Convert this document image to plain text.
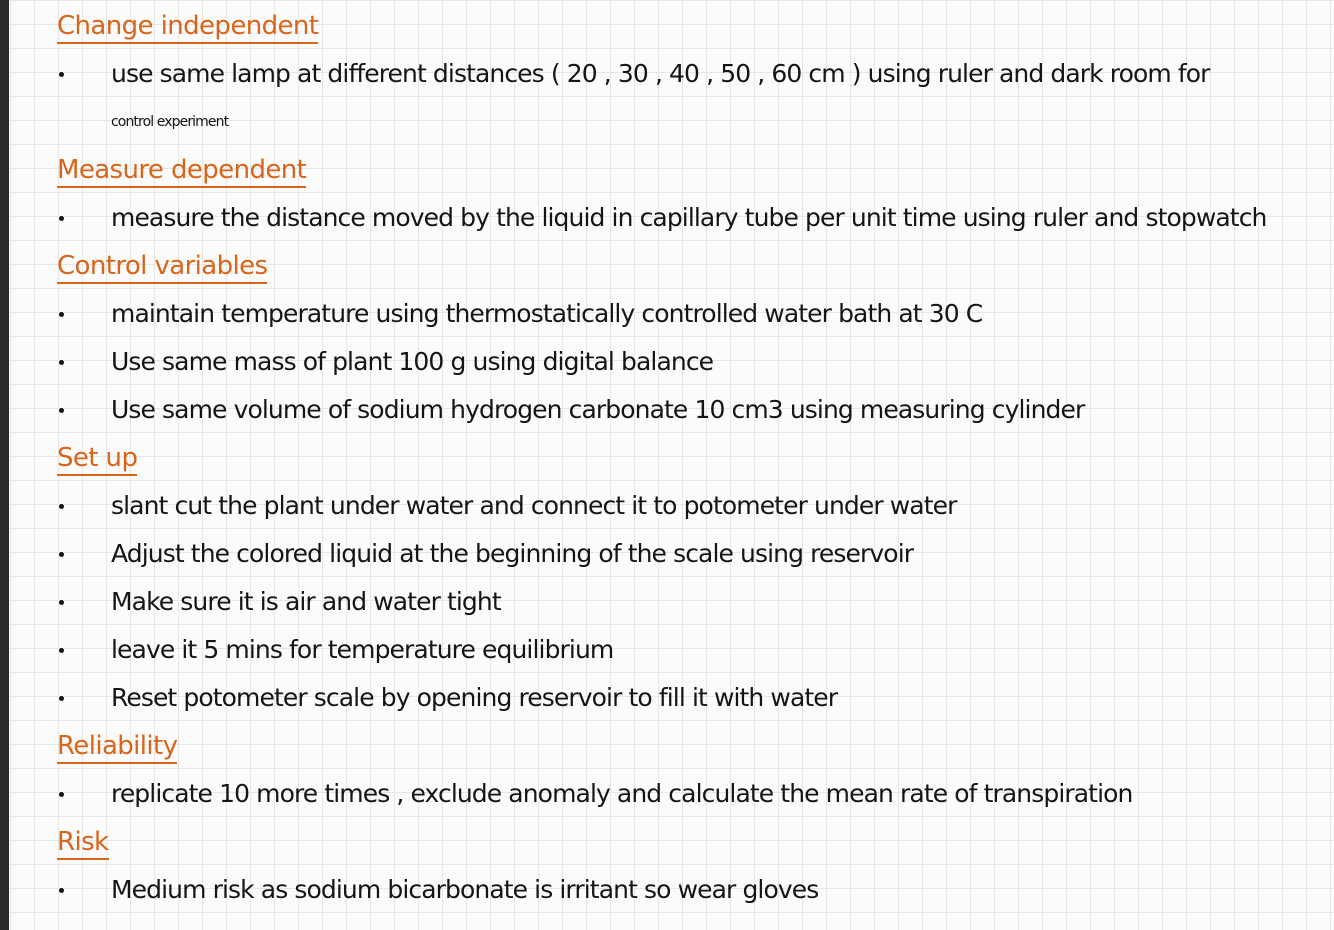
Change independent
use same lamp at different distances ( 20 , 30 , 40 , 50 , 60 cm ) using ruler and dark room for
control experiment
Measure dependent
measure the distance moved by the liquid in capillary tube per unit time using ruler and stopwatch
Control variables
maintain temperature using thermostatically controlled water bath at 30 C
Use same mass of plant 100 g using digital balance
Use same volume of sodium hydrogen carbonate 10 cm3 using measuring cylinder
Set up
slant cut the plant under water and connect it to potometer under water
Adjust the colored liquid at the beginning of the scale using reservoir
Make sure it is air and water tight
leave it 5 mins for temperature equilibrium
Reset potometer scale by opening reservoir to fill it with water
Reliability
replicate 10 more times , exclude anomaly and calculate the mean rate of transpiration
Risk
Medium risk as sodium bicarbonate is irritant so wear gloves
